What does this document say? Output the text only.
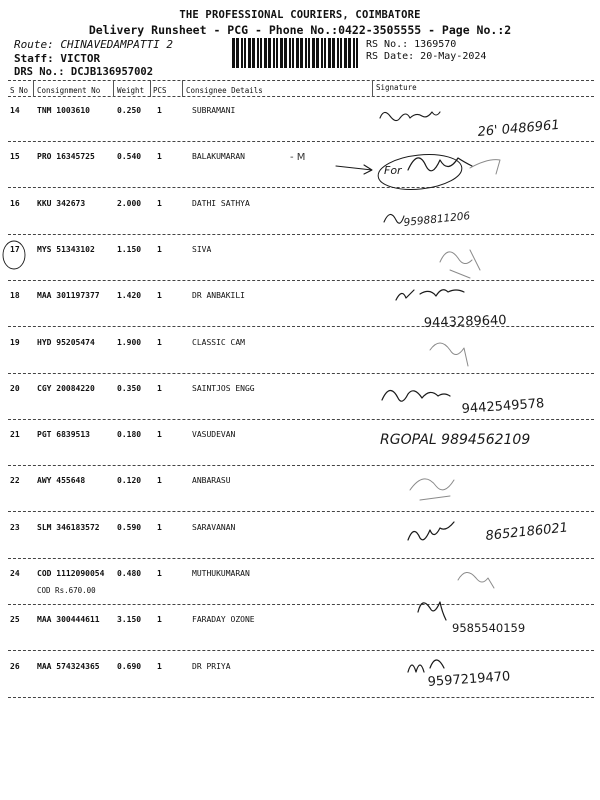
THE PROFESSIONAL COURIERS, COIMBATORE
Delivery Runsheet - PCG - Phone No.:0422-3505555 - Page No.:2
Route: CHINAVEDAMPATTI 2
Staff: VICTOR
DRS No.: DCJB136957002
RS No.: 1369570
RS Date: 20-May-2024
S No Consignment No Weight PCS	Consignee Details	Signature
14 TNM 1003610	0.250 1	SUBRAMANI
15 PRO 16345725	0.540 1	BALAKUMARAN
16 KKU 342673	2.000 1	DATHI SATHYA
17 MYS 51343102	1.150 1	SIVA
18 MAA 301197377 1.420 1	DR ANBAKILI
19 HYD 95205474	1.900 1	CLASSIC CAM
20 CGY 20084220	0.350 1	SAINTJOS ENGG
21 PGT 6839513	0.180 1	VASUDEVAN
22 AWY 455648	0.120 1	ANBARASU
23 SLM 346183572 0.590 1	SARAVANAN
24 COD 1112090054 0.480 1	MUTHUKUMARAN
COD Rs.670.00
25 MAA 300444611 3.150 1	FARADAY OZONE
26 MAA 574324365 0.690 1	DR PRIYA
26' 0486961
- M
For
9598811206
9443289640
9442549578
RGOPAL 9894562109
8652186021
9585540159
9597219470
